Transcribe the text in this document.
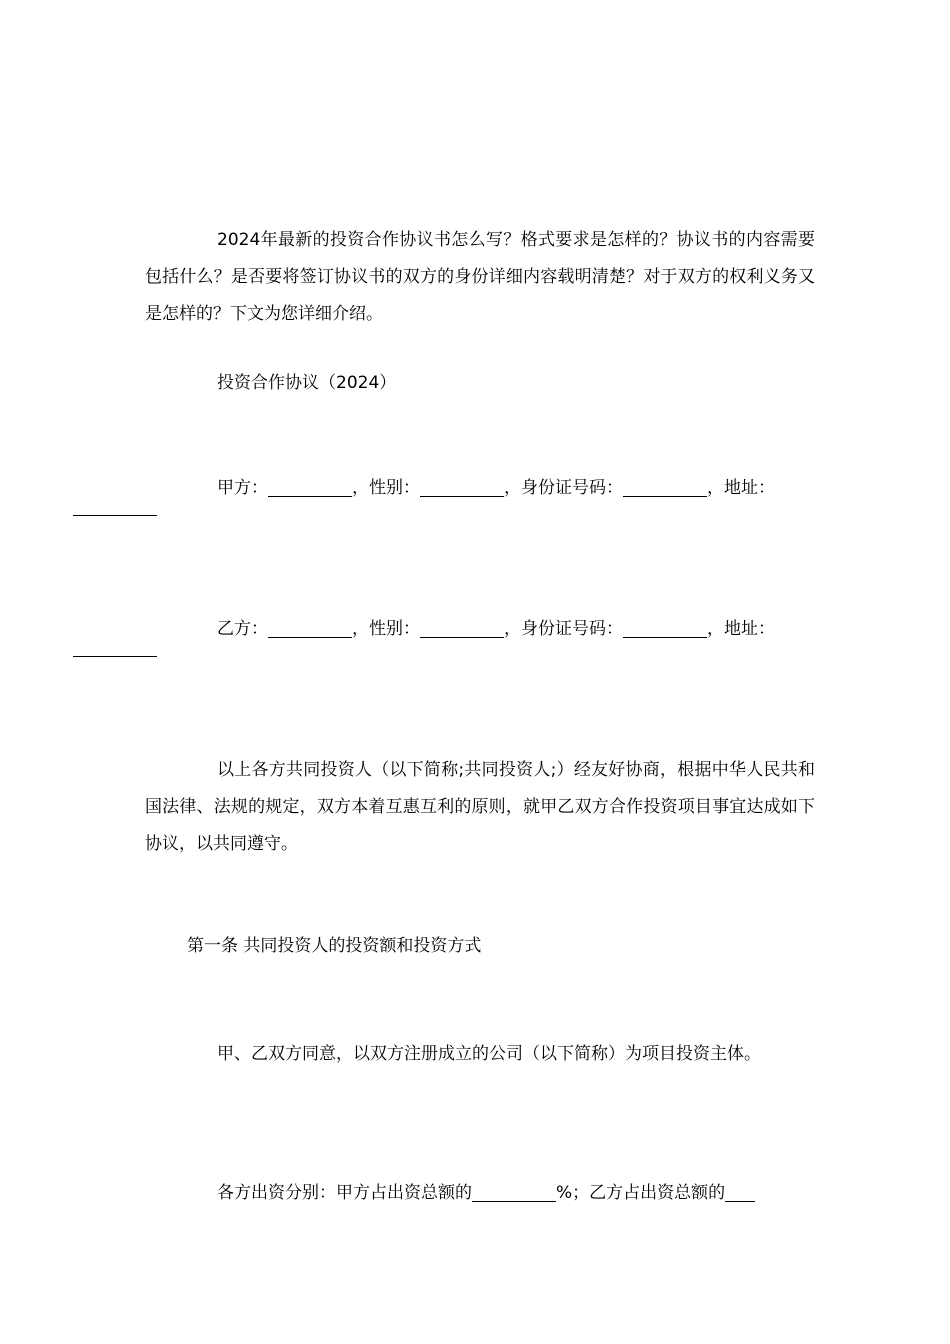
2024年最新的投资合作协议书怎么写？格式要求是怎样的？协议书的内容需要包括什么？是否要将签订协议书的双方的身份详细内容载明清楚？对于双方的权利义务又是怎样的？下文为您详细介绍。

投资合作协议（2024）

甲方：	，性别：	，身份证号码：	，地址：
乙方：	，性别：	，身份证号码：	，地址：

以上各方共同投资人（以下简称;共同投资人;）经友好协商，根据中华人民共和国法律、法规的规定，双方本着互惠互利的原则，就甲乙双方合作投资项目事宜达成如下协议，以共同遵守。

第一条 共同投资人的投资额和投资方式

甲、乙双方同意，以双方注册成立的公司（以下简称）为项目投资主体。

各方出资分别：甲方占出资总额的	%；乙方占出资总额的
